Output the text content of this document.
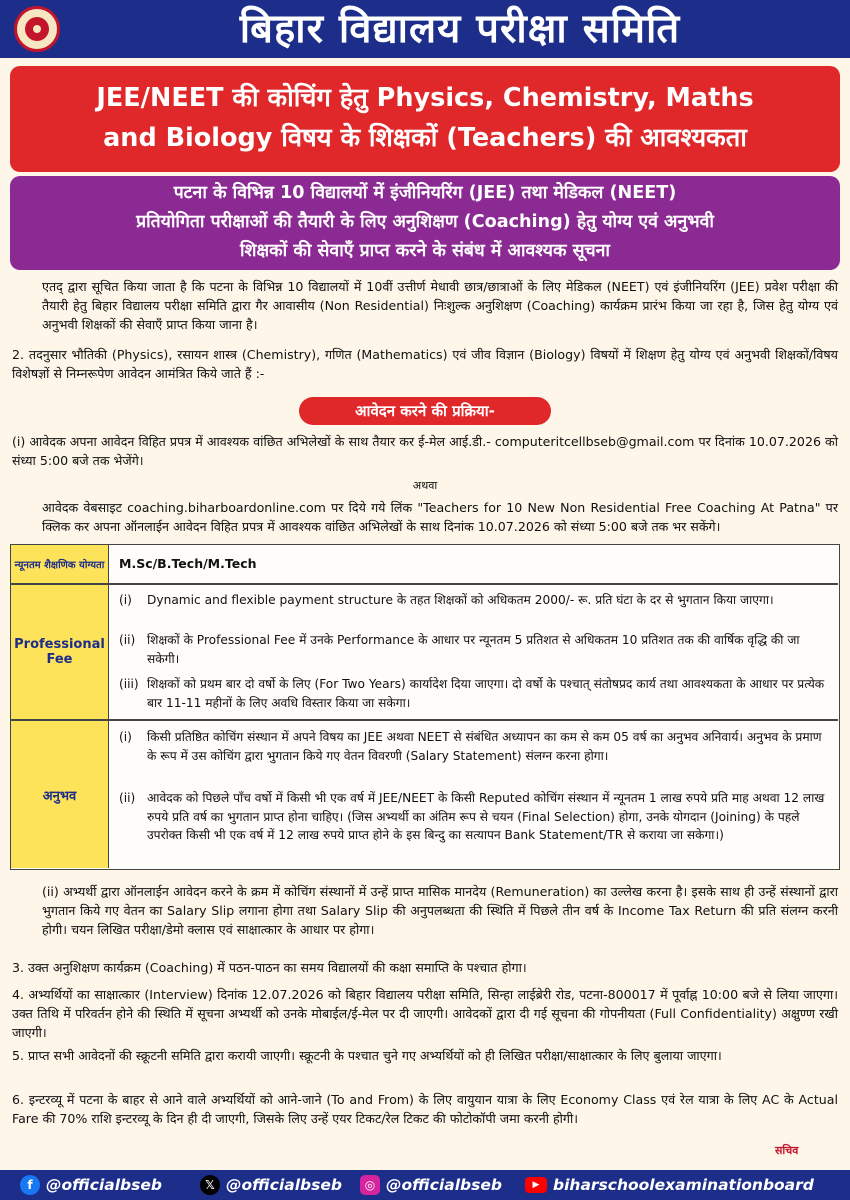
बिहार विद्यालय परीक्षा समिति
JEE/NEET की कोचिंग हेतु Physics, Chemistry, Maths
and Biology विषय के शिक्षकों (Teachers) की आवश्यकता
पटना के विभिन्न 10 विद्यालयों में इंजीनियरिंग (JEE) तथा मेडिकल (NEET)
प्रतियोगिता परीक्षाओं की तैयारी के लिए अनुशिक्षण (Coaching) हेतु योग्य एवं अनुभवी
शिक्षकों की सेवाएँ प्राप्त करने के संबंध में आवश्यक सूचना
एतद् द्वारा सूचित किया जाता है कि पटना के विभिन्न 10 विद्यालयों में 10वीं उत्तीर्ण मेधावी छात्र/छात्राओं के लिए मेडिकल (NEET) एवं इंजीनियरिंग (JEE) प्रवेश परीक्षा की तैयारी हेतु बिहार विद्यालय परीक्षा समिति द्वारा गैर आवासीय (Non Residential) निःशुल्क अनुशिक्षण (Coaching) कार्यक्रम प्रारंभ किया जा रहा है, जिस हेतु योग्य एवं अनुभवी शिक्षकों की सेवाएँ प्राप्त किया जाना है।
2. तदनुसार भौतिकी (Physics), रसायन शास्त्र (Chemistry), गणित (Mathematics) एवं जीव विज्ञान (Biology) विषयों में शिक्षण हेतु योग्य एवं अनुभवी शिक्षकों/विषय विशेषज्ञों से निम्नरूपेण आवेदन आमंत्रित किये जाते हैं :-
आवेदन करने की प्रक्रिया-
(i) आवेदक अपना आवेदन विहित प्रपत्र में आवश्यक वांछित अभिलेखों के साथ तैयार कर ई-मेल आई.डी.- computeritcellbseb@gmail.com पर दिनांक 10.07.2026 को संध्या 5:00 बजे तक भेजेंगे।
अथवा
आवेदक वेबसाइट coaching.biharboardonline.com पर दिये गये लिंक "Teachers for 10 New Non Residential Free Coaching At Patna" पर क्लिक कर अपना ऑनलाईन आवेदन विहित प्रपत्र में आवश्यक वांछित अभिलेखों के साथ दिनांक 10.07.2026 को संध्या 5:00 बजे तक भर सकेंगे।
न्यूनतम शैक्षणिक योग्यता	M.Sc/B.Tech/M.Tech
Professional Fee
(i) Dynamic and flexible payment structure के तहत शिक्षकों को अधिकतम 2000/- रू. प्रति घंटा के दर से भुगतान किया जाएगा।
(ii) शिक्षकों के Professional Fee में उनके Performance के आधार पर न्यूनतम 5 प्रतिशत से अधिकतम 10 प्रतिशत तक की वार्षिक वृद्धि की जा सकेगी।
(iii) शिक्षकों को प्रथम बार दो वर्षो के लिए (For Two Years) कार्यादेश दिया जाएगा। दो वर्षो के पश्चात् संतोषप्रद कार्य तथा आवश्यकता के आधार पर प्रत्येक बार 11-11 महीनों के लिए अवधि विस्तार किया जा सकेगा।
अनुभव
(i) किसी प्रतिष्ठित कोचिंग संस्थान में अपने विषय का JEE अथवा NEET से संबंधित अध्यापन का कम से कम 05 वर्ष का अनुभव अनिवार्य। अनुभव के प्रमाण के रूप में उस कोचिंग द्वारा भुगतान किये गए वेतन विवरणी (Salary Statement) संलग्न करना होगा।
(ii) आवेदक को पिछले पाँच वर्षो में किसी भी एक वर्ष में JEE/NEET के किसी Reputed कोचिंग संस्थान में न्यूनतम 1 लाख रुपये प्रति माह अथवा 12 लाख रुपये प्रति वर्ष का भुगतान प्राप्त होना चाहिए। (जिस अभ्यर्थी का अंतिम रूप से चयन (Final Selection) होगा, उनके योगदान (Joining) के पहले उपरोक्त किसी भी एक वर्ष में 12 लाख रुपये प्राप्त होने के इस बिन्दु का सत्यापन Bank Statement/TR से कराया जा सकेगा।)
(ii) अभ्यर्थी द्वारा ऑनलाईन आवेदन करने के क्रम में कोचिंग संस्थानों में उन्हें प्राप्त मासिक मानदेय (Remuneration) का उल्लेख करना है। इसके साथ ही उन्हें संस्थानों द्वारा भुगतान किये गए वेतन का Salary Slip लगाना होगा तथा Salary Slip की अनुपलब्धता की स्थिति में पिछले तीन वर्ष के Income Tax Return की प्रति संलग्न करनी होगी। चयन लिखित परीक्षा/डेमो क्लास एवं साक्षात्कार के आधार पर होगा।
3. उक्त अनुशिक्षण कार्यक्रम (Coaching) में पठन-पाठन का समय विद्यालयों की कक्षा समाप्ति के पश्चात होगा।
4. अभ्यर्थियों का साक्षात्कार (Interview) दिनांक 12.07.2026 को बिहार विद्यालय परीक्षा समिति, सिन्हा लाईब्रेरी रोड, पटना-800017 में पूर्वाह्न 10:00 बजे से लिया जाएगा। उक्त तिथि में परिवर्तन होने की स्थिति में सूचना अभ्यर्थी को उनके मोबाईल/ई-मेल पर दी जाएगी। आवेदकों द्वारा दी गई सूचना की गोपनीयता (Full Confidentiality) अक्षुण्ण रखी जाएगी।
5. प्राप्त सभी आवेदनों की स्क्रूटनी समिति द्वारा करायी जाएगी। स्क्रूटनी के पश्चात चुने गए अभ्यर्थियों को ही लिखित परीक्षा/साक्षात्कार के लिए बुलाया जाएगा।
6. इन्टरव्यू में पटना के बाहर से आने वाले अभ्यर्थियों को आने-जाने (To and From) के लिए वायुयान यात्रा के लिए Economy Class एवं रेल यात्रा के लिए AC के Actual Fare की 70% राशि इन्टरव्यू के दिन ही दी जाएगी, जिसके लिए उन्हें एयर टिकट/रेल टिकट की फोटोकॉपी जमा करनी होगी।
सचिव
f @officialbseb	𝕏 @officialbseb	◎ @officialbseb	▶ biharschoolexaminationboard
